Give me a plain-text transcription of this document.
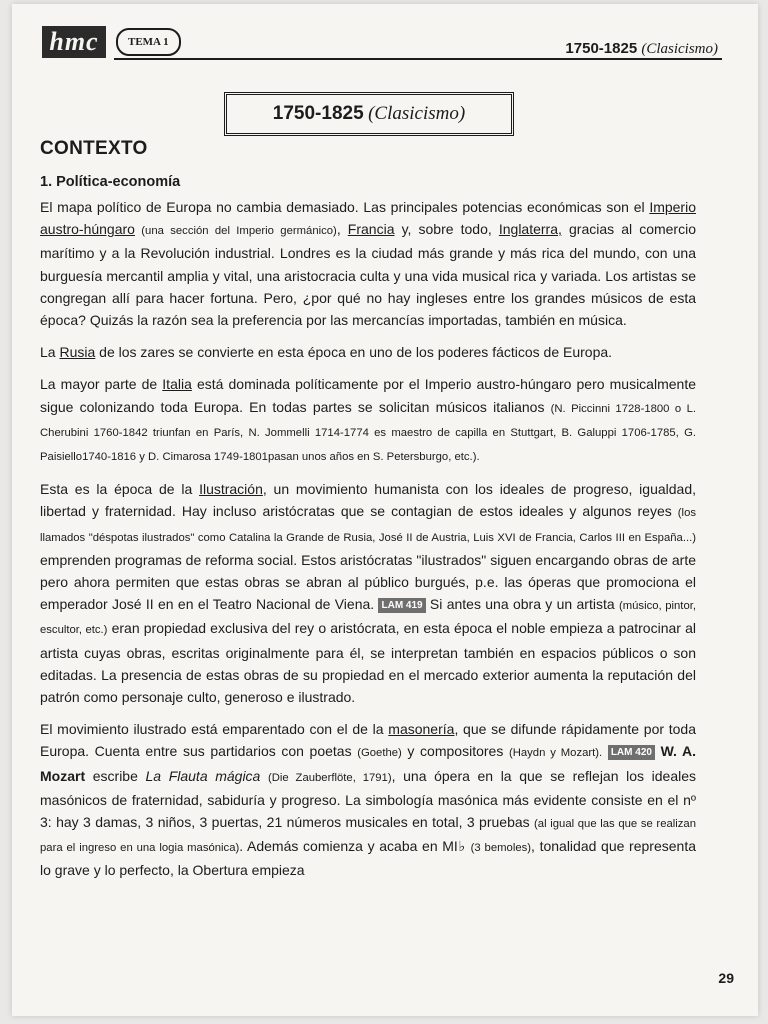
hmc	TEMA 1	1750-1825 (Clasicismo)
1750-1825 (Clasicismo)
CONTEXTO
1. Política-economía

El mapa político de Europa no cambia demasiado. Las principales potencias económicas son el Imperio austro-húngaro (una sección del Imperio germánico), Francia y, sobre todo, Inglaterra, gracias al comercio marítimo y a la Revolución industrial. Londres es la ciudad más grande y más rica del mundo, con una burguesía mercantil amplia y vital, una aristocracia culta y una vida musical rica y variada. Los artistas se congregan allí para hacer fortuna. Pero, ¿por qué no hay ingleses entre los grandes músicos de esta época? Quizás la razón sea la preferencia por las mercancías importadas, también en música.

La Rusia de los zares se convierte en esta época en uno de los poderes fácticos de Europa.

La mayor parte de Italia está dominada políticamente por el Imperio austro-húngaro pero musicalmente sigue colonizando toda Europa. En todas partes se solicitan músicos italianos (N. Piccinni 1728-1800 o L. Cherubini 1760-1842 triunfan en París, N. Jommelli 1714-1774 es maestro de capilla en Stuttgart, B. Galuppi 1706-1785, G. Paisiello1740-1816 y D. Cimarosa 1749-1801pasan unos años en S. Petersburgo, etc.).

Esta es la época de la Ilustración, un movimiento humanista con los ideales de progreso, igualdad, libertad y fraternidad. Hay incluso aristócratas que se contagian de estos ideales y algunos reyes (los llamados "déspotas ilustrados" como Catalina la Grande de Rusia, José II de Austria, Luis XVI de Francia, Carlos III en España...) emprenden programas de reforma social. Estos aristócratas "ilustrados" siguen encargando obras de arte pero ahora permiten que estas obras se abran al público burgués, p.e. las óperas que promociona el emperador José II en en el Teatro Nacional de Viena. LAM 419 Si antes una obra y un artista (músico, pintor, escultor, etc.) eran propiedad exclusiva del rey o aristócrata, en esta época el noble empieza a patrocinar al artista cuyas obras, escritas originalmente para él, se interpretan también en espacios públicos o son editadas. La presencia de estas obras de su propiedad en el mercado exterior aumenta la reputación del patrón como personaje culto, generoso e ilustrado.

El movimiento ilustrado está emparentado con el de la masonería, que se difunde rápidamente por toda Europa. Cuenta entre sus partidarios con poetas (Goethe) y compositores (Haydn y Mozart). LAM 420 W. A. Mozart escribe La Flauta mágica (Die Zauberflöte, 1791), una ópera en la que se reflejan los ideales masónicos de fraternidad, sabiduría y progreso. La simbología masónica más evidente consiste en el nº 3: hay 3 damas, 3 niños, 3 puertas, 21 números musicales en total, 3 pruebas (al igual que las que se realizan para el ingreso en una logia masónica). Además comienza y acaba en MI♭ (3 bemoles), tonalidad que representa lo grave y lo perfecto, la Obertura empieza

29
